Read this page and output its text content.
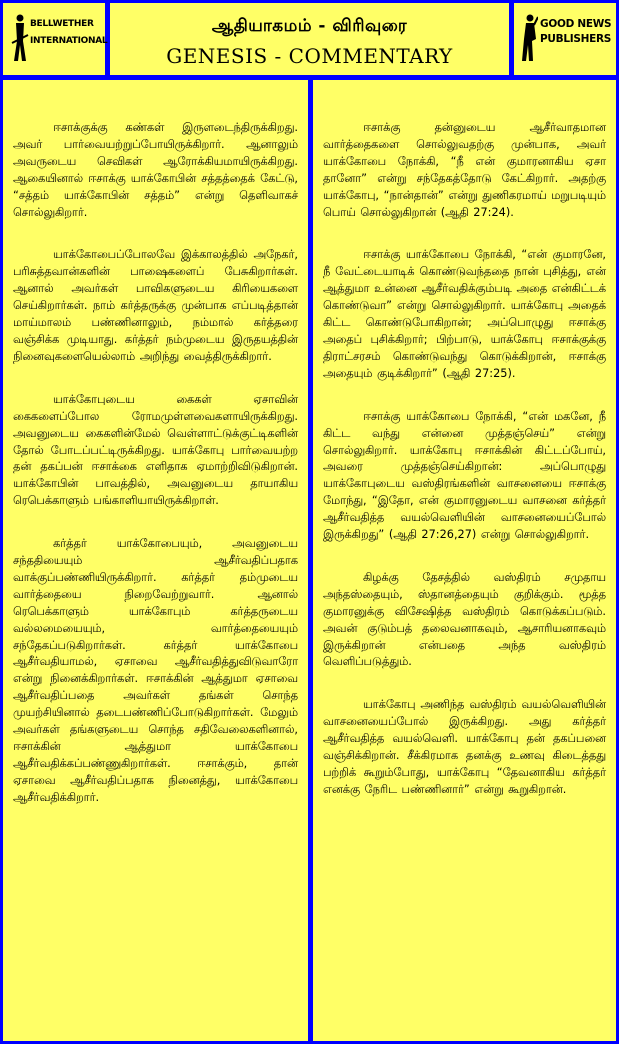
BELLWETHER
INTERNATIONAL
ஆதியாகமம் - விரிவுரை
GENESIS - COMMENTARY
GOOD NEWS
PUBLISHERS

ஈசாக்குக்கு கண்கள் இருளடைந்திருக்கிறது. அவர் பார்வையற்றுப்போயிருக்கிறார். ஆனாலும் அவருடைய செவிகள் ஆரோக்கியமாயிருக்கிறது. ஆகையினால் ஈசாக்கு யாக்கோபின் சத்தத்தைக் கேட்டு, “சத்தம் யாக்கோபின் சத்தம்” என்று தெளிவாகச் சொல்லுகிறார்.

யாக்கோபைப்போலவே இக்காலத்தில் அநேகர், பரிசுத்தவான்களின் பாஷைகளைப் பேசுகிறார்கள். ஆனால் அவர்கள் பாவிகளுடைய கிரியைகளை செய்கிறார்கள். நாம் கர்த்தருக்கு முன்பாக எப்படித்தான் மாய்மாலம் பண்ணினாலும், நம்மால் கர்த்தரை வஞ்சிக்க முடியாது. கர்த்தர் நம்முடைய இருதயத்தின் நினைவுகளையெல்லாம் அறிந்து வைத்திருக்கிறார்.

யாக்கோபுடைய கைகள் ஏசாவின் கைகளைப்போல ரோமமுள்ளவைகளாயிருக்கிறது. அவனுடைய கைகளின்மேல் வெள்ளாட்டுக்குட்டிகளின் தோல் போடப்பட்டிருக்கிறது. யாக்கோபு பார்வையற்ற தன் தகப்பன் ஈசாக்கை எளிதாக ஏமாற்றிவிடுகிறான். யாக்கோபின் பாவத்தில், அவனுடைய தாயாகிய ரெபெக்காளும் பங்காளியாயிருக்கிறாள்.

கர்த்தர் யாக்கோபையும், அவனுடைய சந்ததியையும் ஆசீர்வதிப்பதாக வாக்குப்பண்ணியிருக்கிறார். கர்த்தர் தம்முடைய வார்த்தையை நிறைவேற்றுவார். ஆனால் ரெபெக்காளும் யாக்கோபும் கர்த்தருடைய வல்லமையையும், வார்த்தையையும் சந்தேகப்படுகிறார்கள். கர்த்தர் யாக்கோபை ஆசீர்வதியாமல், ஏசாவை ஆசீர்வதித்துவிடுவாரோ என்று நினைக்கிறார்கள். ஈசாக்கின் ஆத்துமா ஏசாவை ஆசீர்வதிப்பதை அவர்கள் தங்கள் சொந்த முயற்சியினால் தடைபண்ணிப்போடுகிறார்கள். மேலும் அவர்கள் தங்களுடைய சொந்த சதிவேலைகளினால், ஈசாக்கின் ஆத்துமா யாக்கோபை ஆசீர்வதிக்கப்பண்ணுகிறார்கள். ஈசாக்கும், தான் ஏசாவை ஆசீர்வதிப்பதாக நினைத்து, யாக்கோபை ஆசீர்வதிக்கிறார்.

ஈசாக்கு தன்னுடைய ஆசீர்வாதமான வார்த்தைகளை சொல்லுவதற்கு முன்பாக, அவர் யாக்கோபை நோக்கி, “நீ என் குமாரனாகிய ஏசா தானோ” என்று சந்தேகத்தோடு கேட்கிறார். அதற்கு யாக்கோபு, “நான்தான்” என்று துணிகரமாய் மறுபடியும் பொய் சொல்லுகிறான் (ஆதி 27:24).

ஈசாக்கு யாக்கோபை நோக்கி, “என் குமாரனே, நீ வேட்டையாடிக் கொண்டுவந்ததை நான் புசித்து, என் ஆத்துமா உன்னை ஆசீர்வதிக்கும்படி அதை என்கிட்டக் கொண்டுவா” என்று சொல்லுகிறார். யாக்கோபு அதைக் கிட்ட கொண்டுபோகிறான்; அப்பொழுது ஈசாக்கு அதைப் புசிக்கிறார்; பிற்பாடு, யாக்கோபு ஈசாக்குக்கு திராட்சரசம் கொண்டுவந்து கொடுக்கிறான், ஈசாக்கு அதையும் குடிக்கிறார்” (ஆதி 27:25).

ஈசாக்கு யாக்கோபை நோக்கி, “என் மகனே, நீ கிட்ட வந்து என்னை முத்தஞ்செய்” என்று சொல்லுகிறார். யாக்கோபு ஈசாக்கின் கிட்டப்போய், அவரை முத்தஞ்செய்கிறான்: அப்பொழுது யாக்கோபுடைய வஸ்திரங்களின் வாசனையை ஈசாக்கு மோந்து, “இதோ, என் குமாரனுடைய வாசனை கர்த்தர் ஆசீர்வதித்த வயல்வெளியின் வாசனையைப்போல் இருக்கிறது” (ஆதி 27:26,27) என்று சொல்லுகிறார்.

கிழக்கு தேசத்தில் வஸ்திரம் சமுதாய அந்தஸ்தையும், ஸ்தானத்தையும் குறிக்கும். மூத்த குமாரனுக்கு விசேஷித்த வஸ்திரம் கொடுக்கப்படும். அவன் குடும்பத் தலைவனாகவும், ஆசாரியனாகவும் இருக்கிறான் என்பதை அந்த வஸ்திரம் வெளிப்படுத்தும்.

யாக்கோபு அணிந்த வஸ்திரம் வயல்வெளியின் வாசனையைப்போல் இருக்கிறது. அது கர்த்தர் ஆசீர்வதித்த வயல்வெளி. யாக்கோபு தன் தகப்பனை வஞ்சிக்கிறான். சீக்கிரமாக தனக்கு உணவு கிடைத்தது பற்றிக் கூறும்போது, யாக்கோபு “தேவனாகிய கர்த்தர் எனக்கு நேரிட பண்ணினார்” என்று கூறுகிறான்.
